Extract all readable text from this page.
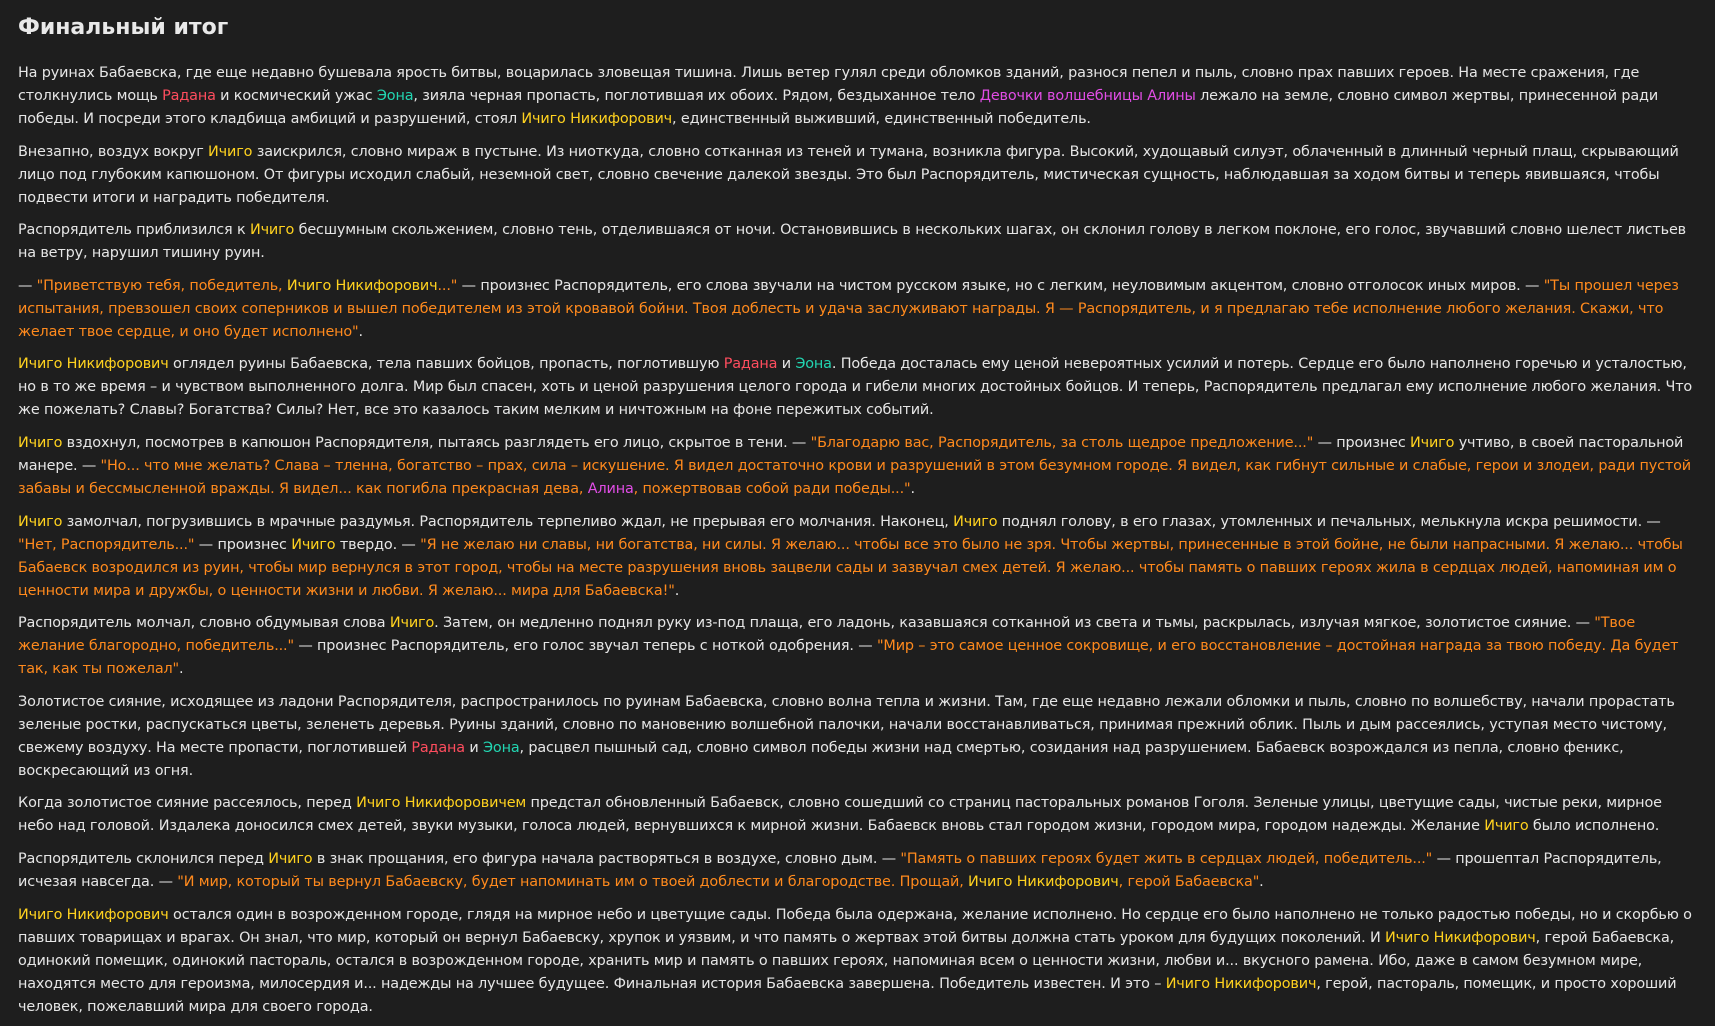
Финальный итог

На руинах Бабаевска, где еще недавно бушевала ярость битвы, воцарилась зловещая тишина. Лишь ветер гулял среди обломков зданий, разнося пепел и пыль, словно прах павших героев. На месте сражения, где столкнулись мощь Радана и космический ужас Эона, зияла черная пропасть, поглотившая их обоих. Рядом, бездыханное тело Девочки волшебницы Алины лежало на земле, словно символ жертвы, принесенной ради победы. И посреди этого кладбища амбиций и разрушений, стоял Ичиго Никифорович, единственный выживший, единственный победитель.

Внезапно, воздух вокруг Ичиго заискрился, словно мираж в пустыне. Из ниоткуда, словно сотканная из теней и тумана, возникла фигура. Высокий, худощавый силуэт, облаченный в длинный черный плащ, скрывающий лицо под глубоким капюшоном. От фигуры исходил слабый, неземной свет, словно свечение далекой звезды. Это был Распорядитель, мистическая сущность, наблюдавшая за ходом битвы и теперь явившаяся, чтобы подвести итоги и наградить победителя.

Распорядитель приблизился к Ичиго бесшумным скольжением, словно тень, отделившаяся от ночи. Остановившись в нескольких шагах, он склонил голову в легком поклоне, его голос, звучавший словно шелест листьев на ветру, нарушил тишину руин.

— "Приветствую тебя, победитель, Ичиго Никифорович..." — произнес Распорядитель, его слова звучали на чистом русском языке, но с легким, неуловимым акцентом, словно отголосок иных миров. — "Ты прошел через испытания, превзошел своих соперников и вышел победителем из этой кровавой бойни. Твоя доблесть и удача заслуживают награды. Я — Распорядитель, и я предлагаю тебе исполнение любого желания. Скажи, что желает твое сердце, и оно будет исполнено".

Ичиго Никифорович оглядел руины Бабаевска, тела павших бойцов, пропасть, поглотившую Радана и Эона. Победа досталась ему ценой невероятных усилий и потерь. Сердце его было наполнено горечью и усталостью, но в то же время – и чувством выполненного долга. Мир был спасен, хоть и ценой разрушения целого города и гибели многих достойных бойцов. И теперь, Распорядитель предлагал ему исполнение любого желания. Что же пожелать? Славы? Богатства? Силы? Нет, все это казалось таким мелким и ничтожным на фоне пережитых событий.

Ичиго вздохнул, посмотрев в капюшон Распорядителя, пытаясь разглядеть его лицо, скрытое в тени. — "Благодарю вас, Распорядитель, за столь щедрое предложение..." — произнес Ичиго учтиво, в своей пасторальной манере. — "Но... что мне желать? Слава – тленна, богатство – прах, сила – искушение. Я видел достаточно крови и разрушений в этом безумном городе. Я видел, как гибнут сильные и слабые, герои и злодеи, ради пустой забавы и бессмысленной вражды. Я видел... как погибла прекрасная дева, Алина, пожертвовав собой ради победы...".

Ичиго замолчал, погрузившись в мрачные раздумья. Распорядитель терпеливо ждал, не прерывая его молчания. Наконец, Ичиго поднял голову, в его глазах, утомленных и печальных, мелькнула искра решимости. — "Нет, Распорядитель..." — произнес Ичиго твердо. — "Я не желаю ни славы, ни богатства, ни силы. Я желаю... чтобы все это было не зря. Чтобы жертвы, принесенные в этой бойне, не были напрасными. Я желаю... чтобы Бабаевск возродился из руин, чтобы мир вернулся в этот город, чтобы на месте разрушения вновь зацвели сады и зазвучал смех детей. Я желаю... чтобы память о павших героях жила в сердцах людей, напоминая им о ценности мира и дружбы, о ценности жизни и любви. Я желаю... мира для Бабаевска!".

Распорядитель молчал, словно обдумывая слова Ичиго. Затем, он медленно поднял руку из-под плаща, его ладонь, казавшаяся сотканной из света и тьмы, раскрылась, излучая мягкое, золотистое сияние. — "Твое желание благородно, победитель..." — произнес Распорядитель, его голос звучал теперь с ноткой одобрения. — "Мир – это самое ценное сокровище, и его восстановление – достойная награда за твою победу. Да будет так, как ты пожелал".

Золотистое сияние, исходящее из ладони Распорядителя, распространилось по руинам Бабаевска, словно волна тепла и жизни. Там, где еще недавно лежали обломки и пыль, словно по волшебству, начали прорастать зеленые ростки, распускаться цветы, зеленеть деревья. Руины зданий, словно по мановению волшебной палочки, начали восстанавливаться, принимая прежний облик. Пыль и дым рассеялись, уступая место чистому, свежему воздуху. На месте пропасти, поглотившей Радана и Эона, расцвел пышный сад, словно символ победы жизни над смертью, созидания над разрушением. Бабаевск возрождался из пепла, словно феникс, воскресающий из огня.

Когда золотистое сияние рассеялось, перед Ичиго Никифоровичем предстал обновленный Бабаевск, словно сошедший со страниц пасторальных романов Гоголя. Зеленые улицы, цветущие сады, чистые реки, мирное небо над головой. Издалека доносился смех детей, звуки музыки, голоса людей, вернувшихся к мирной жизни. Бабаевск вновь стал городом жизни, городом мира, городом надежды. Желание Ичиго было исполнено.

Распорядитель склонился перед Ичиго в знак прощания, его фигура начала растворяться в воздухе, словно дым. — "Память о павших героях будет жить в сердцах людей, победитель..." — прошептал Распорядитель, исчезая навсегда. — "И мир, который ты вернул Бабаевску, будет напоминать им о твоей доблести и благородстве. Прощай, Ичиго Никифорович, герой Бабаевска".

Ичиго Никифорович остался один в возрожденном городе, глядя на мирное небо и цветущие сады. Победа была одержана, желание исполнено. Но сердце его было наполнено не только радостью победы, но и скорбью о павших товарищах и врагах. Он знал, что мир, который он вернул Бабаевску, хрупок и уязвим, и что память о жертвах этой битвы должна стать уроком для будущих поколений. И Ичиго Никифорович, герой Бабаевска, одинокий помещик, одинокий пастораль, остался в возрожденном городе, хранить мир и память о павших героях, напоминая всем о ценности жизни, любви и... вкусного рамена. Ибо, даже в самом безумном мире, находятся место для героизма, милосердия и... надежды на лучшее будущее. Финальная история Бабаевска завершена. Победитель известен. И это – Ичиго Никифорович, герой, пастораль, помещик, и просто хороший человек, пожелавший мира для своего города.
